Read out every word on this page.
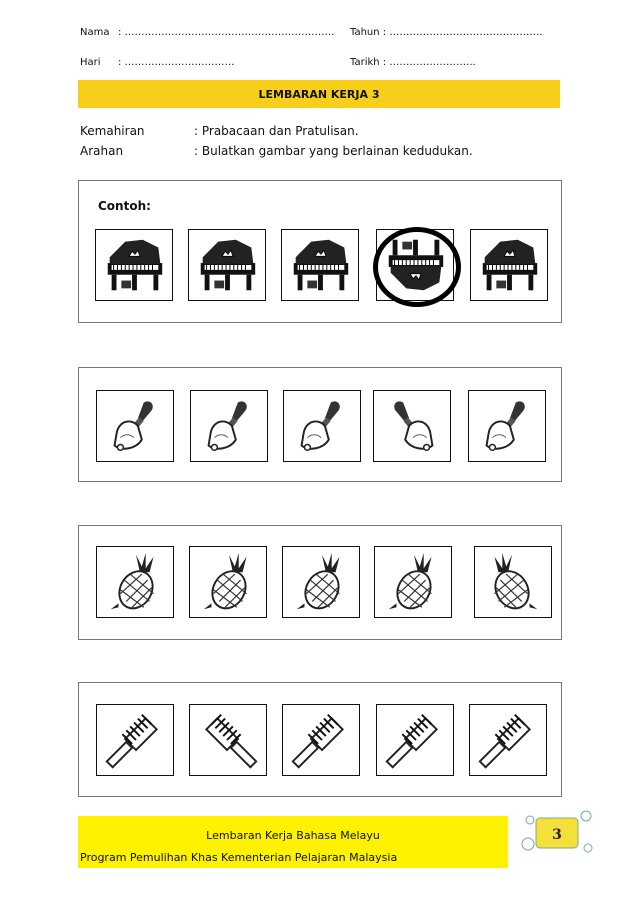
Nama : ……………………………………………………… Tahun : ……………………………………….
Hari : ……………………………	Tarikh : ……………………..
LEMBARAN KERJA 3
Kemahiran	: Prabacaan dan Pratulisan.
Arahan	: Bulatkan gambar yang berlainan kedudukan.
Contoh:
Lembaran Kerja Bahasa Melayu
Program Pemulihan Khas Kementerian Pelajaran Malaysia
3
